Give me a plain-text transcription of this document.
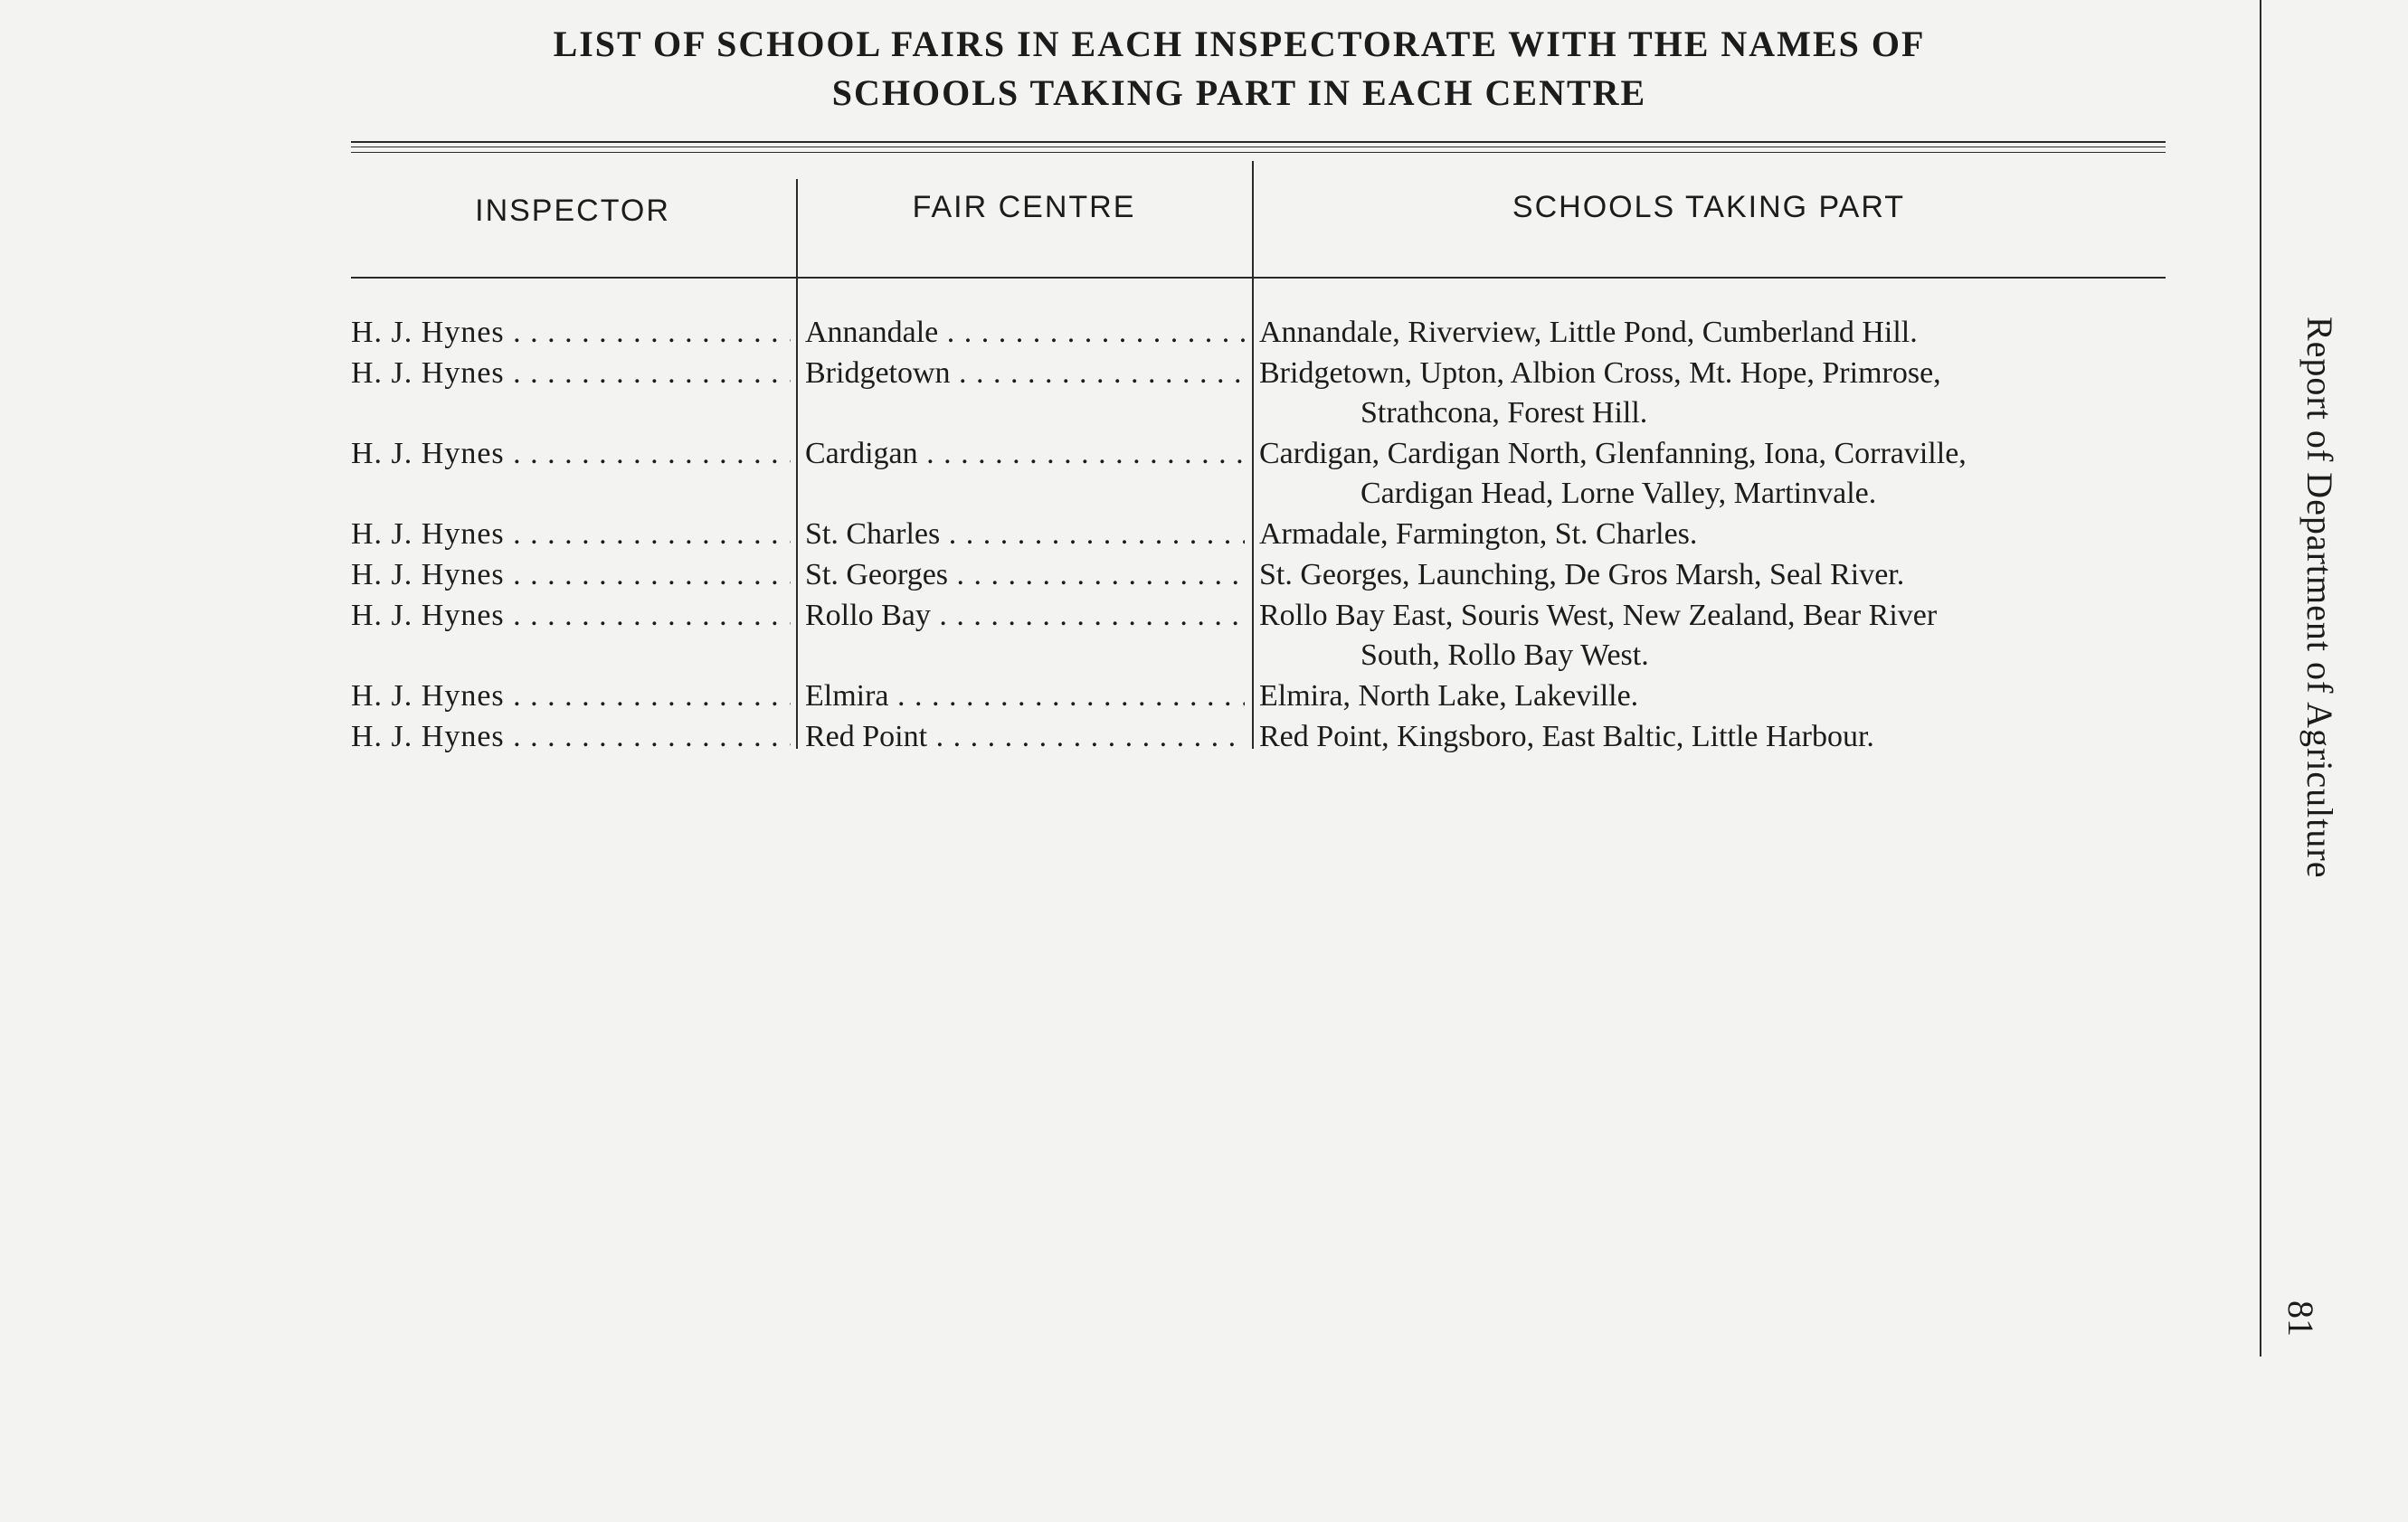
LIST OF SCHOOL FAIRS IN EACH INSPECTORATE WITH THE NAMES OF
SCHOOLS TAKING PART IN EACH CENTRE
INSPECTOR	FAIR CENTRE	SCHOOLS TAKING PART
H. J. Hynes . . .	Annandale . . .	Annandale, Riverview, Little Pond, Cumberland Hill.
H. J. Hynes . . .	Bridgetown . . .	Bridgetown, Upton, Albion Cross, Mt. Hope, Primrose,
Strathcona, Forest Hill.
H. J. Hynes . . .	Cardigan . . .	Cardigan, Cardigan North, Glenfanning, Iona, Corraville,
Cardigan Head, Lorne Valley, Martinvale.
H. J. Hynes . . .	St. Charles . . .	Armadale, Farmington, St. Charles.
H. J. Hynes . . .	St. Georges . . .	St. Georges, Launching, De Gros Marsh, Seal River.
H. J. Hynes . . .	Rollo Bay . . .	Rollo Bay East, Souris West, New Zealand, Bear River
South, Rollo Bay West.
H. J. Hynes . . .	Elmira . . .	Elmira, North Lake, Lakeville.
H. J. Hynes . . .	Red Point . . .	Red Point, Kingsboro, East Baltic, Little Harbour.	Report of Department of Agriculture
81
